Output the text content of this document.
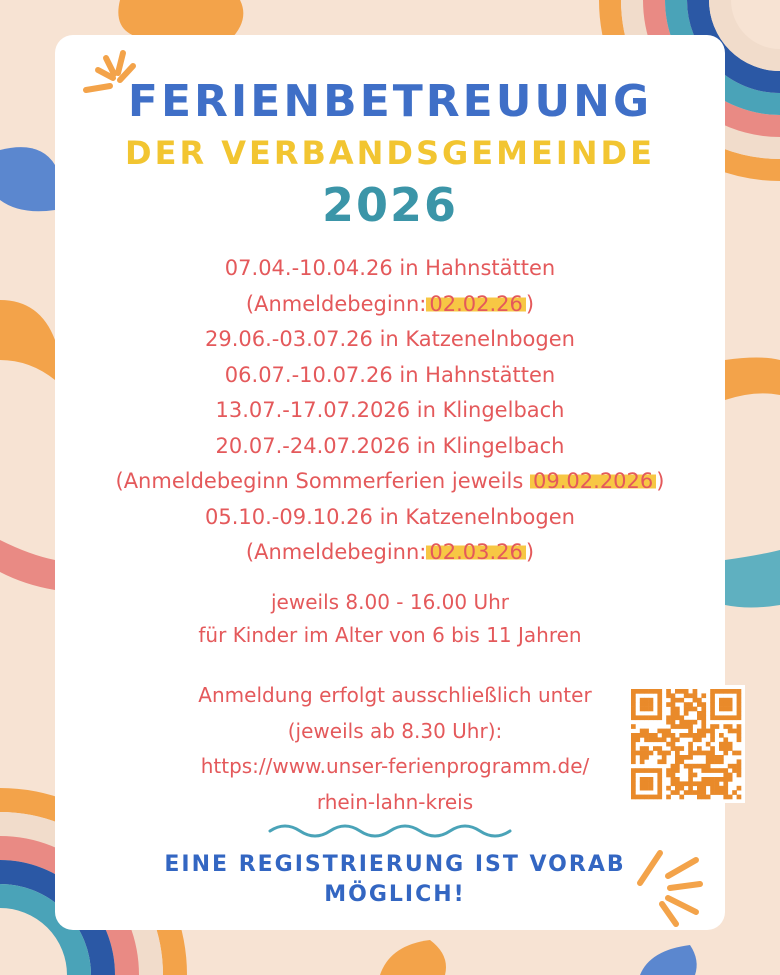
FERIENBETREUUNG
DER VERBANDSGEMEINDE
2026
07.04.-10.04.26 in Hahnstätten
(Anmeldebeginn: 02.02.26 )
29.06.-03.07.26 in Katzenelnbogen
06.07.-10.07.26 in Hahnstätten
13.07.-17.07.2026 in Klingelbach
20.07.-24.07.2026 in Klingelbach
(Anmeldebeginn Sommerferien jeweils 09.02.2026 )
05.10.-09.10.26 in Katzenelnbogen
(Anmeldebeginn: 02.03.26 )
jeweils 8.00 - 16.00 Uhr
für Kinder im Alter von 6 bis 11 Jahren
Anmeldung erfolgt ausschließlich unter
(jeweils ab 8.30 Uhr):
https://www.unser-ferienprogramm.de/
rhein-lahn-kreis
EINE REGISTRIERUNG IST VORAB
MÖGLICH!
